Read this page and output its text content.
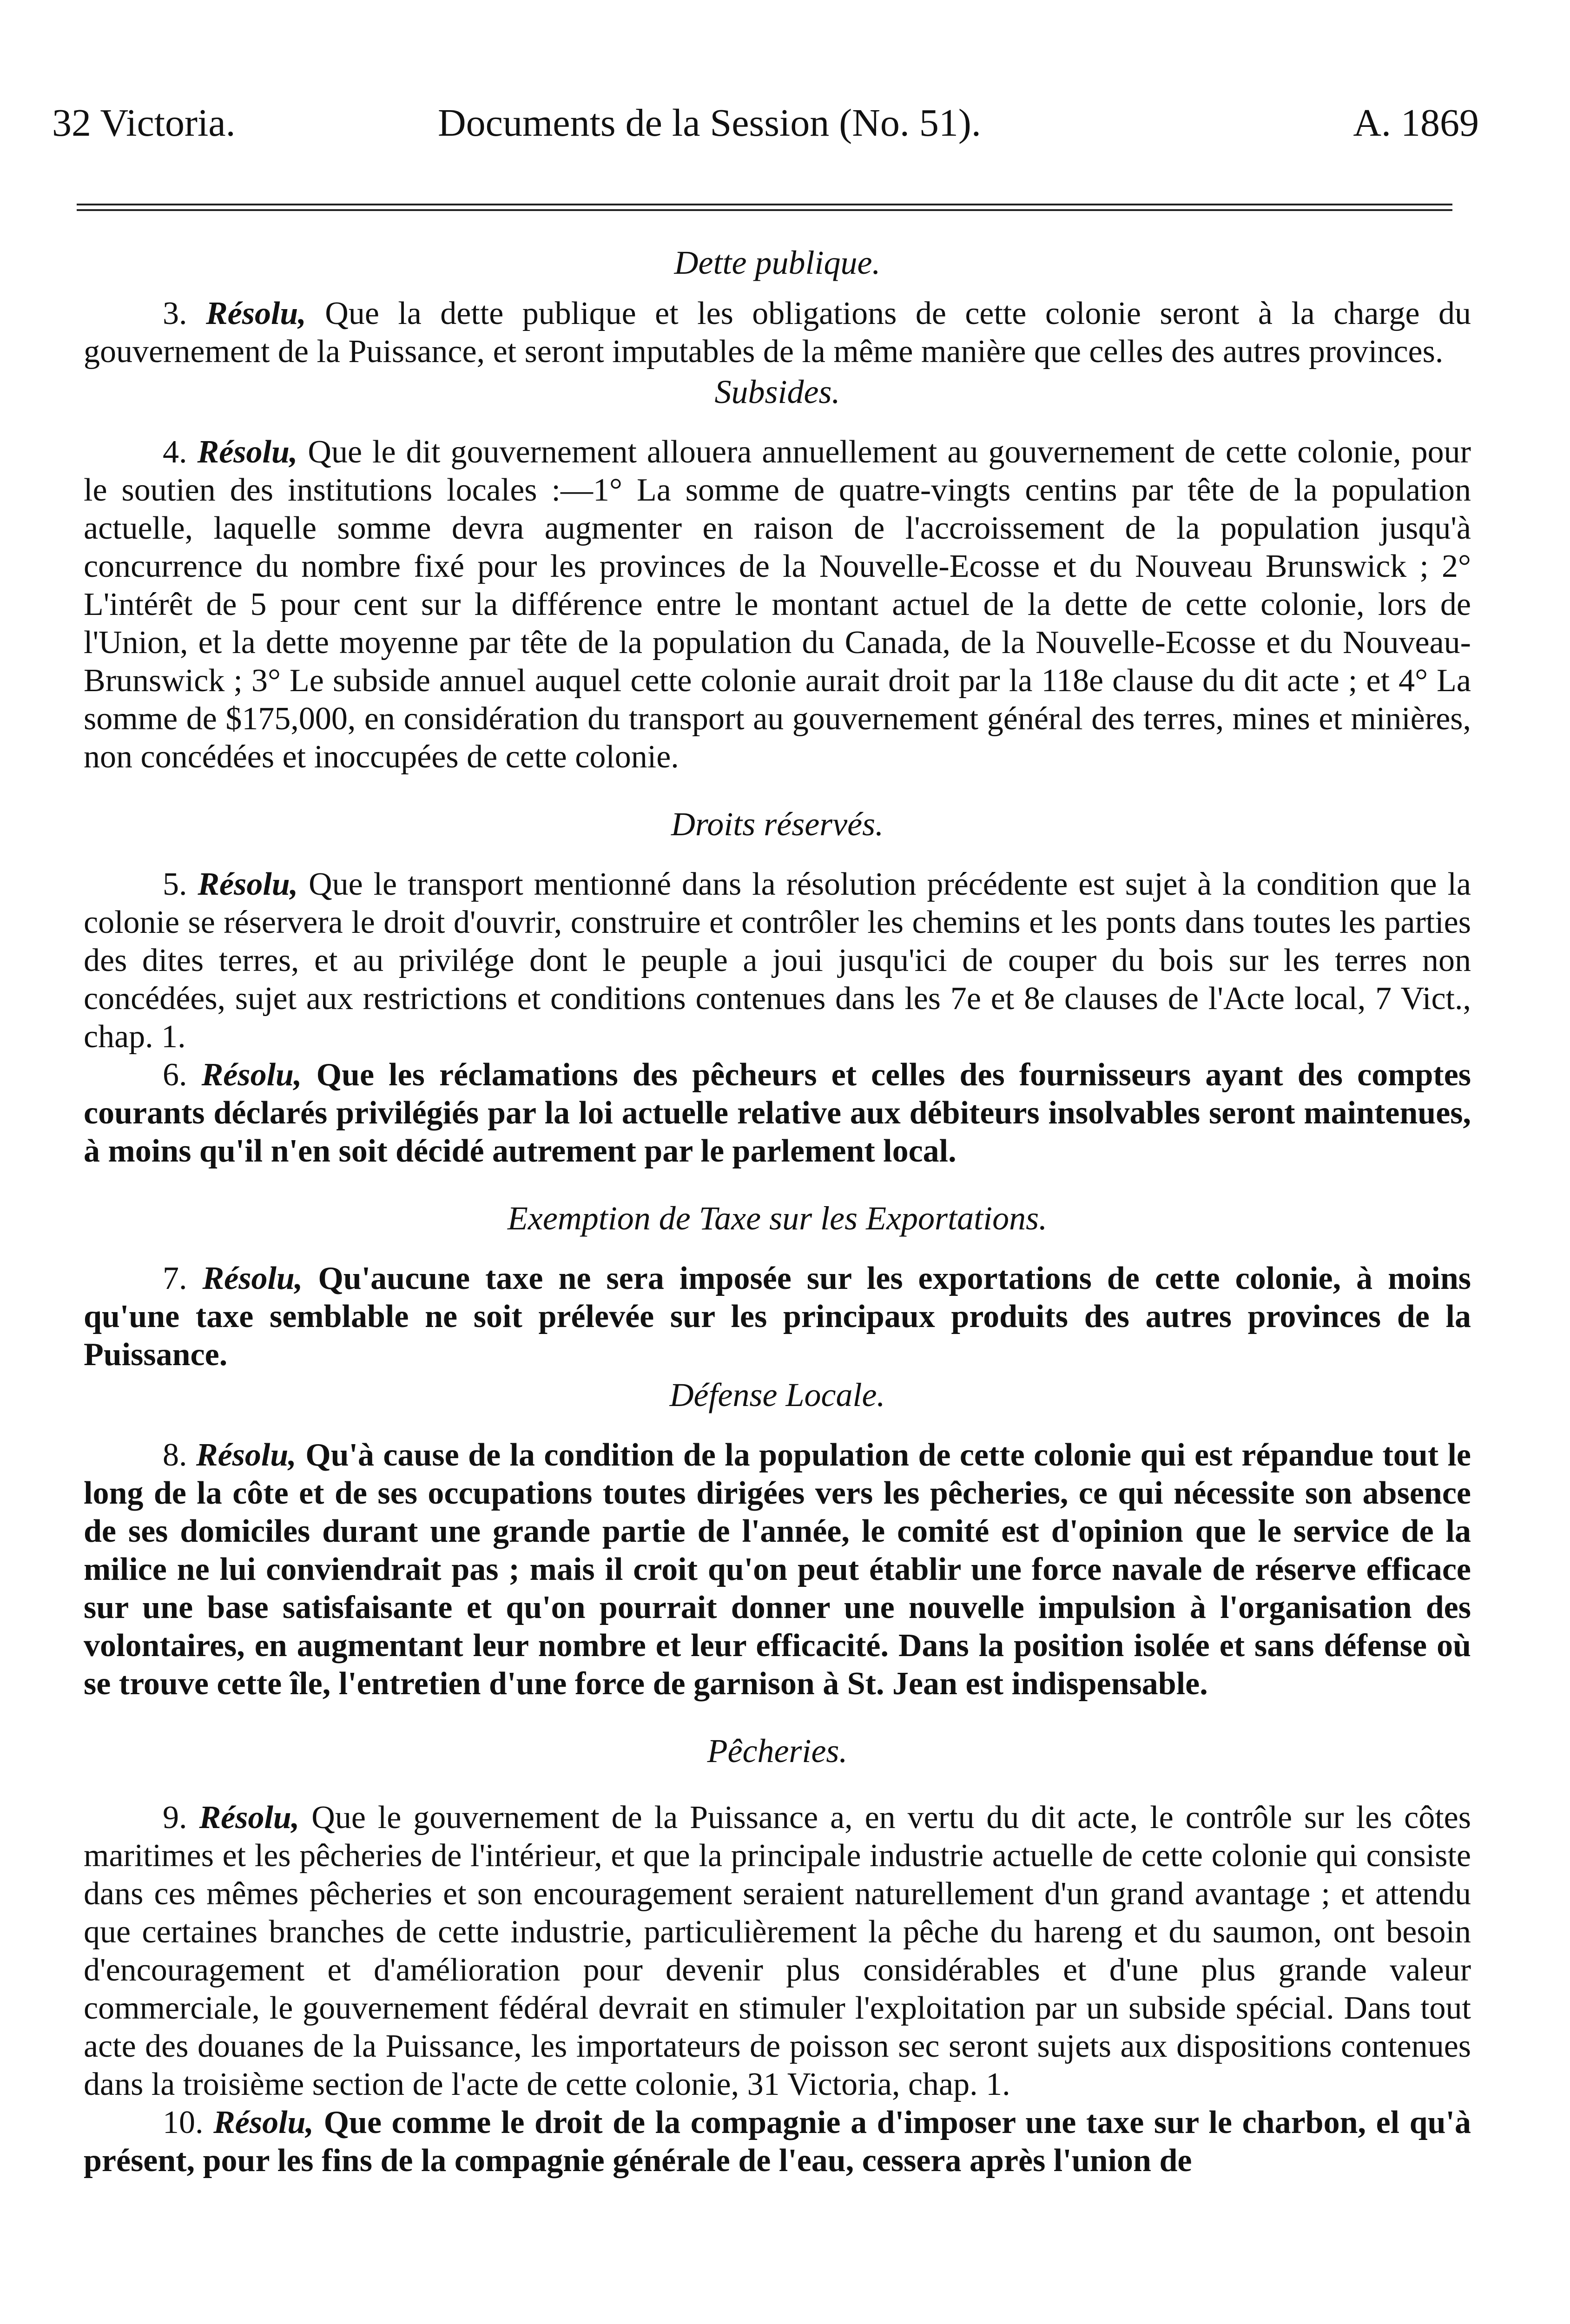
32 Victoria.	Documents de la Session (No. 51).	A. 1869
Dette publique.

3. Résolu, Que la dette publique et les obligations de cette colonie seront à la charge du gouvernement de la Puissance, et seront imputables de la même manière que celles des autres provinces.

Subsides.

4. Résolu, Que le dit gouvernement allouera annuellement au gouvernement de cette colonie, pour le soutien des institutions locales :—1° La somme de quatre-vingts centins par tête de la population actuelle, laquelle somme devra augmenter en raison de l'accroissement de la population jusqu'à concurrence du nombre fixé pour les provinces de la Nouvelle-Ecosse et du Nouveau Brunswick ; 2° L'intérêt de 5 pour cent sur la différence entre le montant actuel de la dette de cette colonie, lors de l'Union, et la dette moyenne par tête de la population du Canada, de la Nouvelle-Ecosse et du Nouveau-Brunswick ; 3° Le subside annuel auquel cette colonie aurait droit par la 118e clause du dit acte ; et 4° La somme de $175,000, en considération du transport au gouvernement général des terres, mines et minières, non concédées et inoccupées de cette colonie.

Droits réservés.

5. Résolu, Que le transport mentionné dans la résolution précédente est sujet à la condition que la colonie se réservera le droit d'ouvrir, construire et contrôler les chemins et les ponts dans toutes les parties des dites terres, et au privilége dont le peuple a joui jusqu'ici de couper du bois sur les terres non concédées, sujet aux restrictions et conditions contenues dans les 7e et 8e clauses de l'Acte local, 7 Vict., chap. 1.

6. Résolu, Que les réclamations des pêcheurs et celles des fournisseurs ayant des comptes courants déclarés privilégiés par la loi actuelle relative aux débiteurs insolvables seront maintenues, à moins qu'il n'en soit décidé autrement par le parlement local.

Exemption de Taxe sur les Exportations.

7. Résolu, Qu'aucune taxe ne sera imposée sur les exportations de cette colonie, à moins qu'une taxe semblable ne soit prélevée sur les principaux produits des autres provinces de la Puissance.

Défense Locale.

8. Résolu, Qu'à cause de la condition de la population de cette colonie qui est répandue tout le long de la côte et de ses occupations toutes dirigées vers les pêcheries, ce qui nécessite son absence de ses domiciles durant une grande partie de l'année, le comité est d'opinion que le service de la milice ne lui conviendrait pas ; mais il croit qu'on peut établir une force navale de réserve efficace sur une base satisfaisante et qu'on pourrait donner une nouvelle impulsion à l'organisation des volontaires, en augmentant leur nombre et leur efficacité. Dans la position isolée et sans défense où se trouve cette île, l'entretien d'une force de garnison à St. Jean est indispensable.

Pêcheries.

9. Résolu, Que le gouvernement de la Puissance a, en vertu du dit acte, le contrôle sur les côtes maritimes et les pêcheries de l'intérieur, et que la principale industrie actuelle de cette colonie qui consiste dans ces mêmes pêcheries et son encouragement seraient naturellement d'un grand avantage ; et attendu que certaines branches de cette industrie, particulièrement la pêche du hareng et du saumon, ont besoin d'encouragement et d'amélioration pour devenir plus considérables et d'une plus grande valeur commerciale, le gouvernement fédéral devrait en stimuler l'exploitation par un subside spécial. Dans tout acte des douanes de la Puissance, les importateurs de poisson sec seront sujets aux dispositions contenues dans la troisième section de l'acte de cette colonie, 31 Victoria, chap. 1.

10. Résolu, Que comme le droit de la compagnie a d'imposer une taxe sur le charbon, el qu'à présent, pour les fins de la compagnie générale de l'eau, cessera après l'union de
